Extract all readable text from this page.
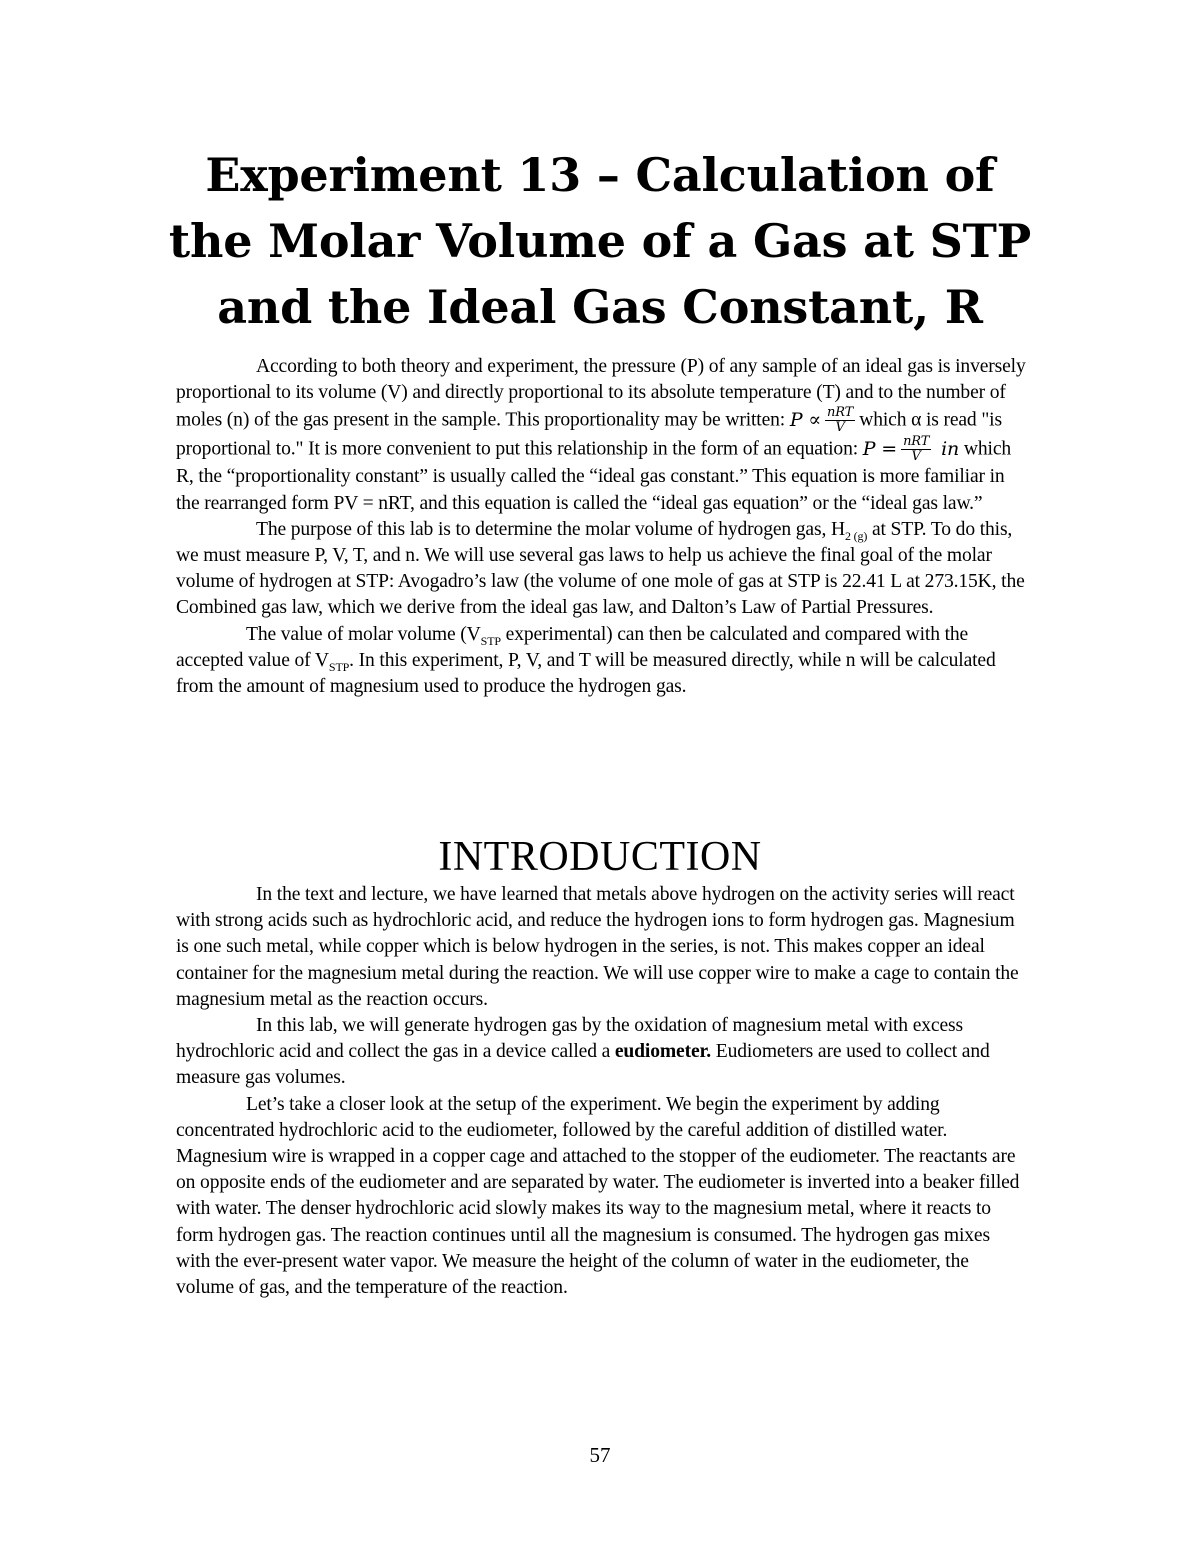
Experiment 13 – Calculation of
the Molar Volume of a Gas at STP
and the Ideal Gas Constant, R

According to both theory and experiment, the pressure (P) of any sample of an ideal gas is inversely proportional to its volume (V) and directly proportional to its absolute temperature (T) and to the number of moles (n) of the gas present in the sample. This proportionality may be written: $P \propto \frac{\text{nRT}}{V}$ which α is read "is proportional to." It is more convenient to put this relationship in the form of an equation: $P = \frac{\text{nRT}}{V}$ in which R, the “proportionality constant” is usually called the “ideal gas constant.” This equation is more familiar in the rearranged form PV = nRT, and this equation is called the “ideal gas equation” or the “ideal gas law.”

The purpose of this lab is to determine the molar volume of hydrogen gas, $H_{2 (g)}$ at STP. To do this, we must measure P, V, T, and n. We will use several gas laws to help us achieve the final goal of the molar volume of hydrogen at STP: Avogadro’s law (the volume of one mole of gas at STP is 22.41 L at 273.15K, the Combined gas law, which we derive from the ideal gas law, and Dalton’s Law of Partial Pressures.

The value of molar volume ($V_{STP}$ experimental) can then be calculated and compared with the accepted value of $V_{STP}$. In this experiment, P, V, and T will be measured directly, while n will be calculated from the amount of magnesium used to produce the hydrogen gas.

INTRODUCTION

In the text and lecture, we have learned that metals above hydrogen on the activity series will react with strong acids such as hydrochloric acid, and reduce the hydrogen ions to form hydrogen gas. Magnesium is one such metal, while copper which is below hydrogen in the series, is not. This makes copper an ideal container for the magnesium metal during the reaction. We will use copper wire to make a cage to contain the magnesium metal as the reaction occurs.

In this lab, we will generate hydrogen gas by the oxidation of magnesium metal with excess hydrochloric acid and collect the gas in a device called a eudiometer. Eudiometers are used to collect and measure gas volumes.

Let’s take a closer look at the setup of the experiment. We begin the experiment by adding concentrated hydrochloric acid to the eudiometer, followed by the careful addition of distilled water. Magnesium wire is wrapped in a copper cage and attached to the stopper of the eudiometer. The reactants are on opposite ends of the eudiometer and are separated by water. The eudiometer is inverted into a beaker filled with water. The denser hydrochloric acid slowly makes its way to the magnesium metal, where it reacts to form hydrogen gas. The reaction continues until all the magnesium is consumed. The hydrogen gas mixes with the ever-present water vapor. We measure the height of the column of water in the eudiometer, the volume of gas, and the temperature of the reaction.

57
